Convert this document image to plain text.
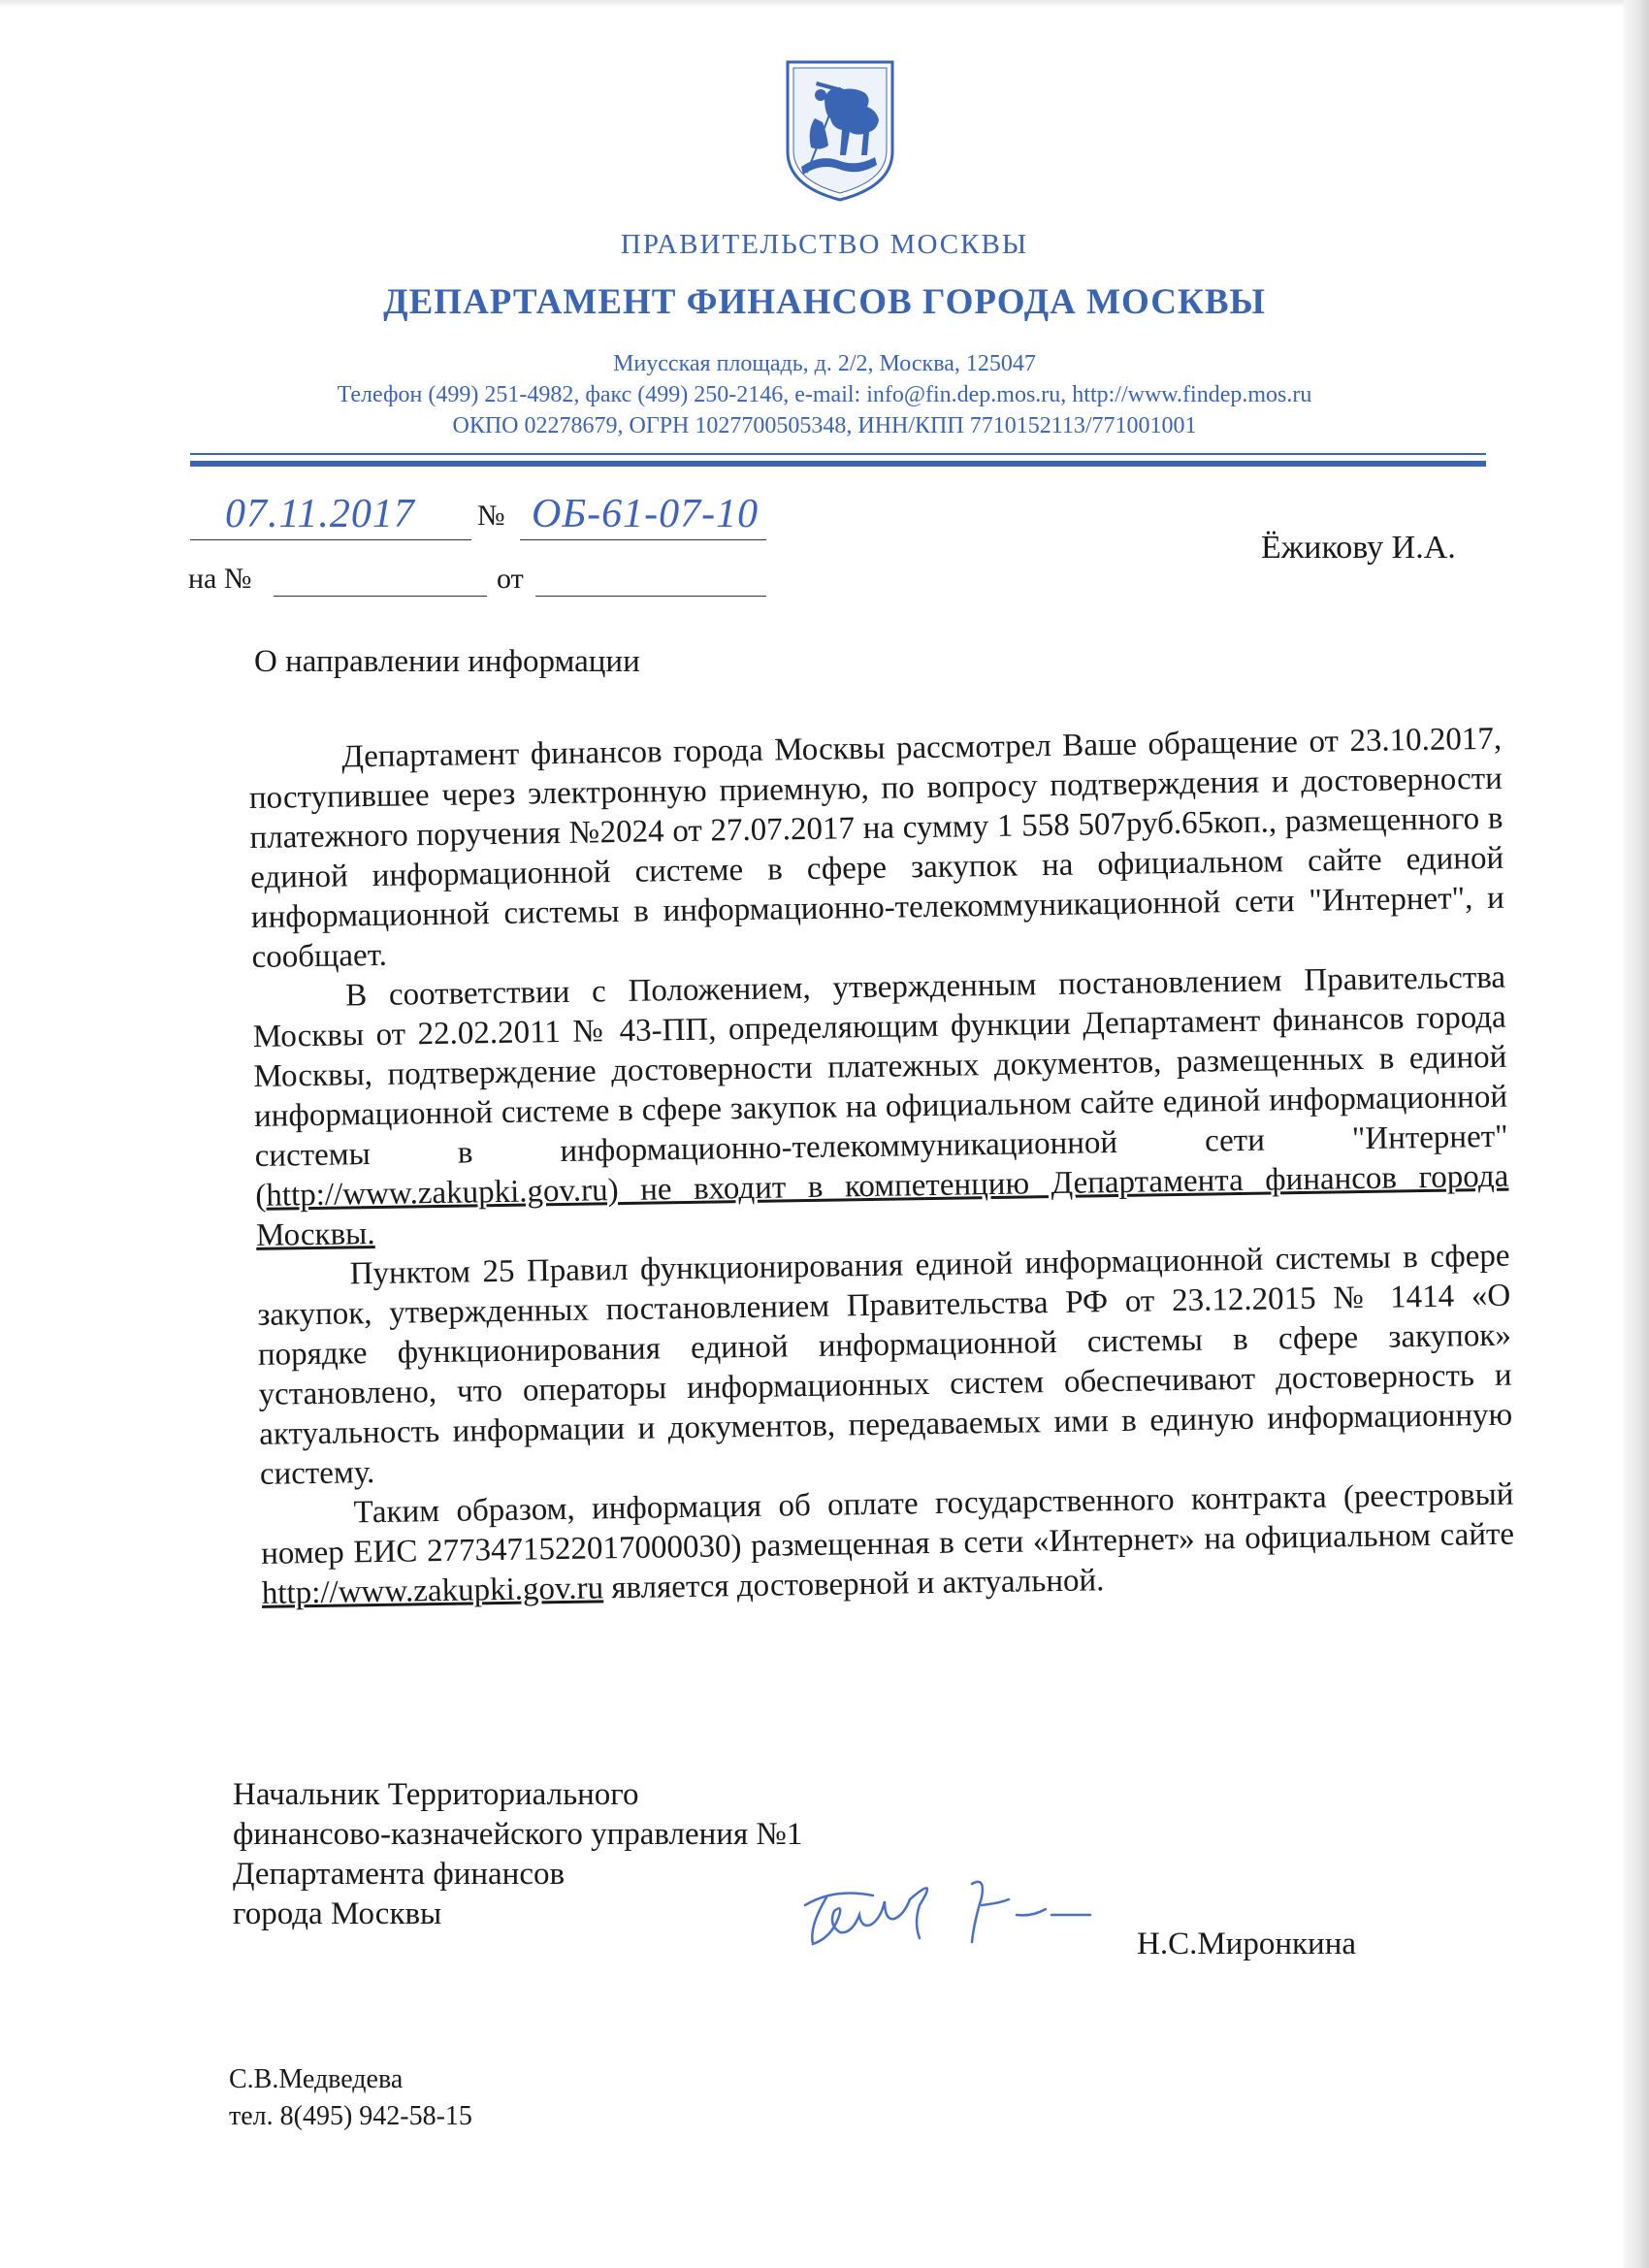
ПРАВИТЕЛЬСТВО МОСКВЫ
ДЕПАРТАМЕНТ ФИНАНСОВ ГОРОДА МОСКВЫ
Миусская площадь, д. 2/2, Москва, 125047
Телефон (499) 251-4982, факс (499) 250-2146, e-mail: info@fin.dep.mos.ru, http://www.findep.mos.ru
ОКПО 02278679, ОГРН 1027700505348, ИНН/КПП 7710152113/771001001
07.11.2017	№ ОБ-61-07-10
на №	от
Ёжикову И.А.
О направлении информации

Департамент финансов города Москвы рассмотрел Ваше обращение от 23.10.2017, поступившее через электронную приемную, по вопросу подтверждения и достоверности платежного поручения №2024 от 27.07.2017 на сумму 1 558 507руб.65коп., размещенного в единой информационной системе в сфере закупок на официальном сайте единой информационной системы в информационно-телекоммуникационной сети "Интернет", и сообщает.

В соответствии с Положением, утвержденным постановлением Правительства Москвы от 22.02.2011 № 43-ПП, определяющим функции Департамент финансов города Москвы, подтверждение достоверности платежных документов, размещенных в единой информационной системе в сфере закупок на официальном сайте единой информационной системы в информационно-телекоммуникационной сети "Интернет" (http://www.zakupki.gov.ru) не входит в компетенцию Департамента финансов города Москвы.

Пунктом 25 Правил функционирования единой информационной системы в сфере закупок, утвержденных постановлением Правительства РФ от 23.12.2015 № 1414 «О порядке функционирования единой информационной системы в сфере закупок» установлено, что операторы информационных систем обеспечивают достоверность и актуальность информации и документов, передаваемых ими в единую информационную систему.

Таким образом, информация об оплате государственного контракта (реестровый номер ЕИС 2773471522017000030) размещенная в сети «Интернет» на официальном сайте http://www.zakupki.gov.ru является достоверной и актуальной.

Начальник Территориального
финансово-казначейского управления №1
Департамента финансов
города Москвы
Н.С.Миронкина
С.В.Медведева
тел. 8(495) 942-58-15
